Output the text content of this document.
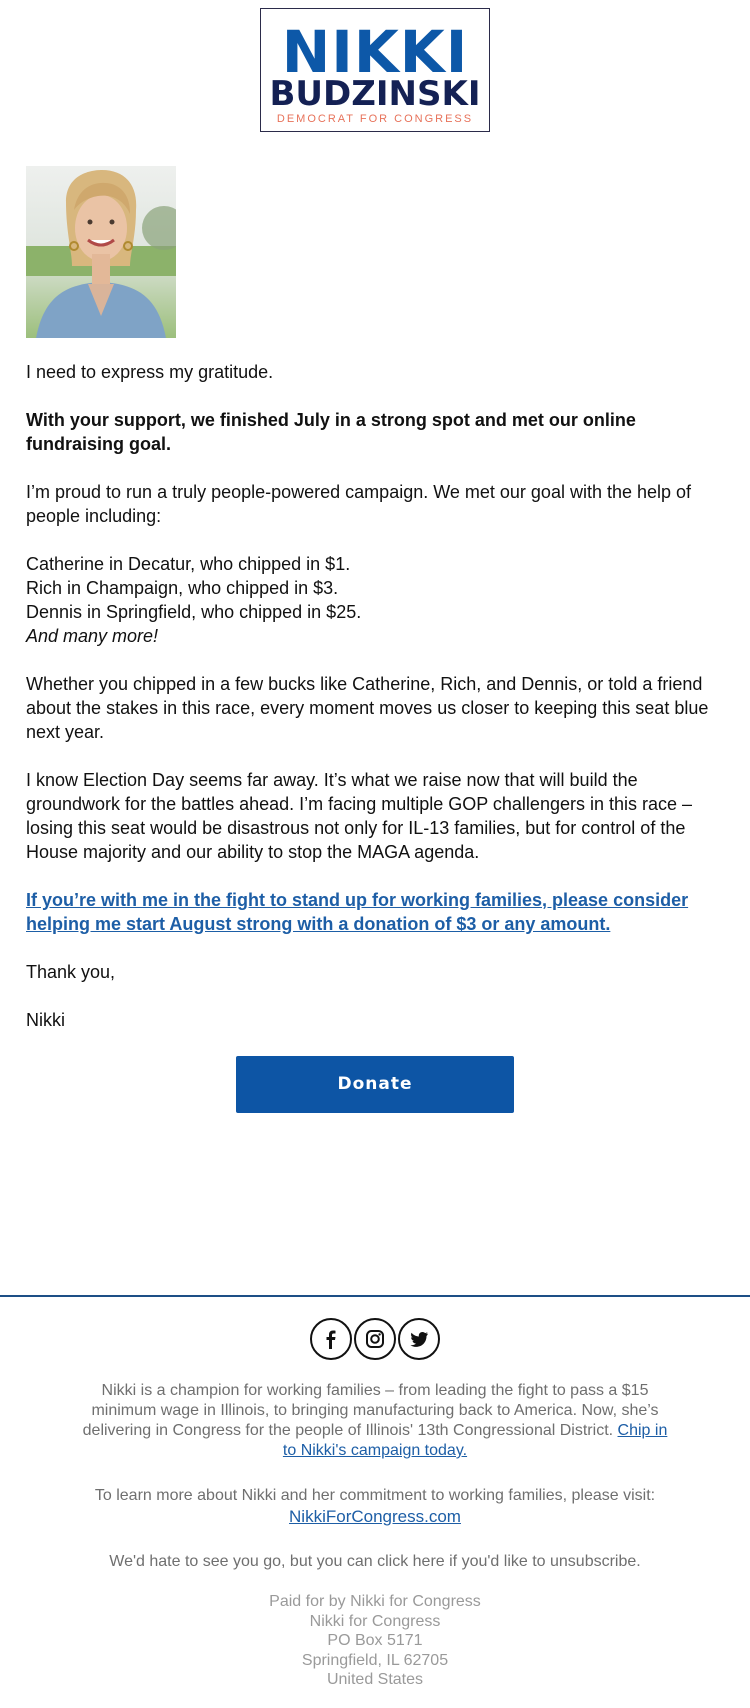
NIKKI
BUDZINSKI
DEMOCRAT FOR CONGRESS

I need to express my gratitude.

With your support, we finished July in a strong spot and met our online fundraising goal.

I’m proud to run a truly people-powered campaign. We met our goal with the help of people including:

Catherine in Decatur, who chipped in $1.
Rich in Champaign, who chipped in $3.
Dennis in Springfield, who chipped in $25.
And many more!

Whether you chipped in a few bucks like Catherine, Rich, and Dennis, or told a friend about the stakes in this race, every moment moves us closer to keeping this seat blue next year.

I know Election Day seems far away. It’s what we raise now that will build the groundwork for the battles ahead. I’m facing multiple GOP challengers in this race – losing this seat would be disastrous not only for IL-13 families, but for control of the House majority and our ability to stop the MAGA agenda.

If you’re with me in the fight to stand up for working families, please consider helping me start August strong with a donation of $3 or any amount.

Thank you,

Nikki

Donate
Nikki is a champion for working families – from leading the fight to pass a $15 minimum wage in Illinois, to bringing manufacturing back to America. Now, she’s delivering in Congress for the people of Illinois' 13th Congressional District. Chip in to Nikki's campaign today.
To learn more about Nikki and her commitment to working families, please visit:
NikkiForCongress.com
We'd hate to see you go, but you can click here if you'd like to unsubscribe.
Paid for by Nikki for Congress
Nikki for Congress
PO Box 5171
Springfield, IL 62705
United States
